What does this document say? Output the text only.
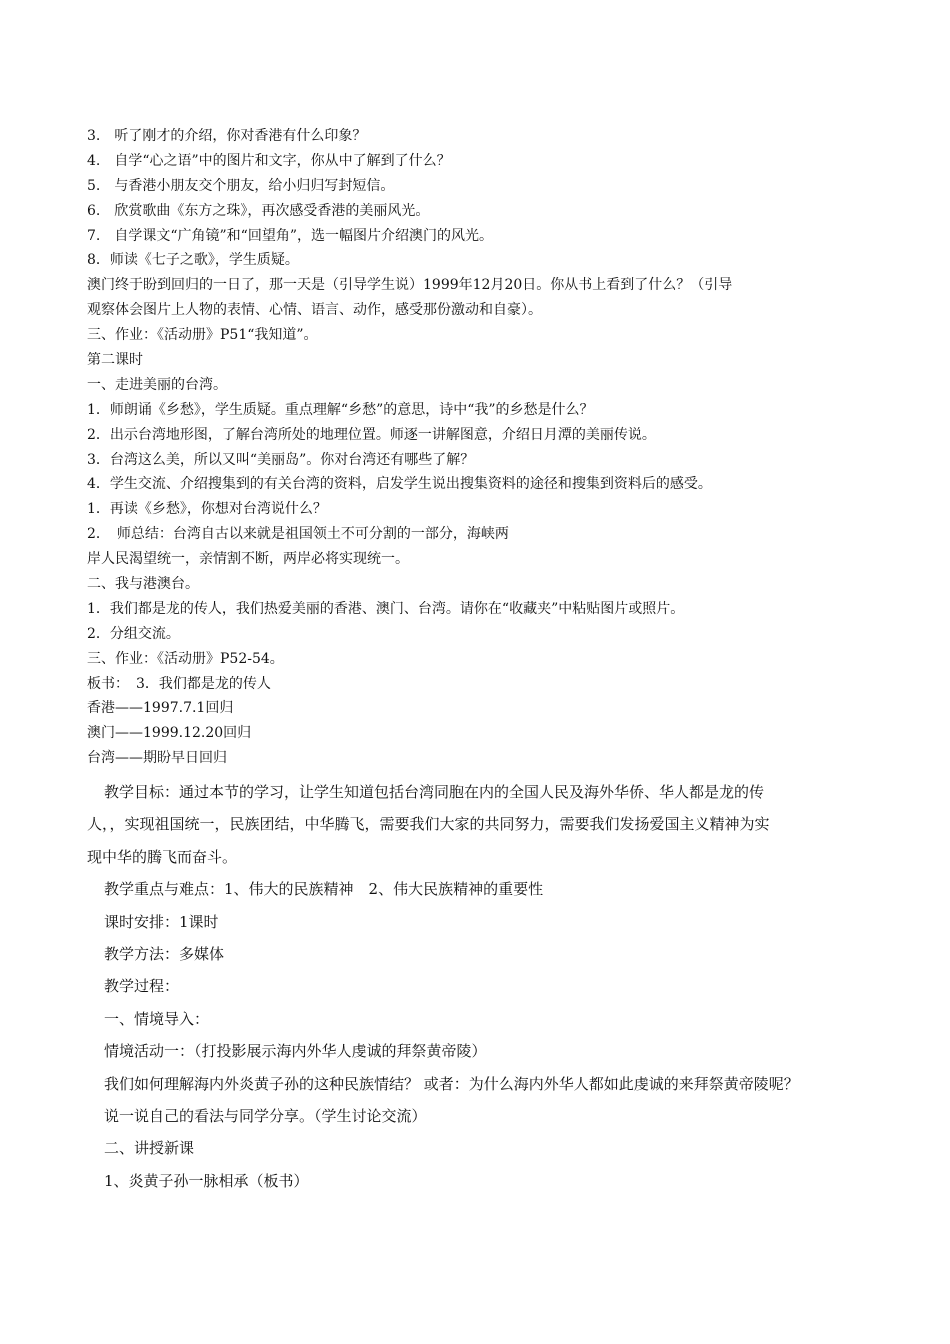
3.　听了刚才的介绍，你对香港有什么印象？
4.　自学“心之语”中的图片和文字，你从中了解到了什么？
5.　与香港小朋友交个朋友，给小归归写封短信。
6.　欣赏歌曲《东方之珠》，再次感受香港的美丽风光。
7.　自学课文“广角镜”和“回望角”，选一幅图片介绍澳门的风光。
8．师读《七子之歌》，学生质疑。
澳门终于盼到回归的一日了，那一天是（引导学生说）1999年12月20日。你从书上看到了什么？（引导
观察体会图片上人物的表情、心情、语言、动作，感受那份激动和自豪）。
三、作业：《活动册》P51“我知道”。
第二课时
一、走进美丽的台湾。
1．师朗诵《乡愁》，学生质疑。重点理解“乡愁”的意思，诗中“我”的乡愁是什么？
2．出示台湾地形图，了解台湾所处的地理位置。师逐一讲解图意，介绍日月潭的美丽传说。
3．台湾这么美，所以又叫“美丽岛”。你对台湾还有哪些了解？
4．学生交流、介绍搜集到的有关台湾的资料，启发学生说出搜集资料的途径和搜集到资料后的感受。
1．再读《乡愁》，你想对台湾说什么？
2．　师总结：台湾自古以来就是祖国领土不可分割的一部分，海峡两
岸人民渴望统一，亲情割不断，两岸必将实现统一。
二、我与港澳台。
1．我们都是龙的传人，我们热爱美丽的香港、澳门、台湾。请你在“收藏夹”中粘贴图片或照片。
2．分组交流。
三、作业：《活动册》P52-54。
板书：　3．我们都是龙的传人
香港——1997.7.1回归
澳门——1999.12.20回归
台湾——期盼早日回归
教学目标：通过本节的学习，让学生知道包括台湾同胞在内的全国人民及海外华侨、华人都是龙的传
人，，实现祖国统一，民族团结，中华腾飞，需要我们大家的共同努力，需要我们发扬爱国主义精神为实
现中华的腾飞而奋斗。
教学重点与难点：1、伟大的民族精神　2、伟大民族精神的重要性
课时安排：1课时
教学方法：多媒体
教学过程：
一、情境导入：
情境活动一：（打投影展示海内外华人虔诚的拜祭黄帝陵）
我们如何理解海内外炎黄子孙的这种民族情结？ 或者：为什么海内外华人都如此虔诚的来拜祭黄帝陵呢？
说一说自己的看法与同学分享。（学生讨论交流）
二、讲授新课
1、炎黄子孙一脉相承（板书）
